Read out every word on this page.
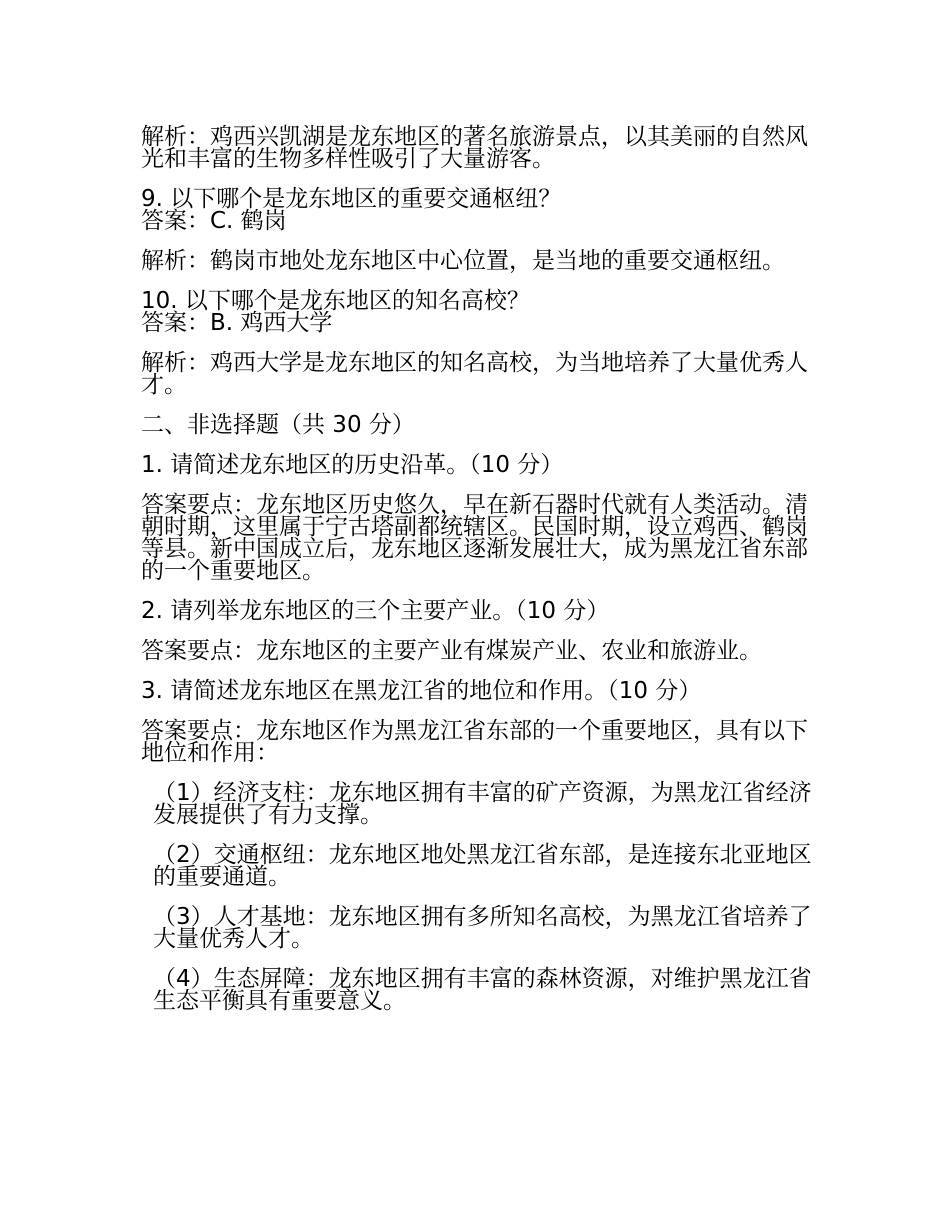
解析：鸡西兴凯湖是龙东地区的著名旅游景点，以其美丽的自然风光和丰富的生物多样性吸引了大量游客。

9. 以下哪个是龙东地区的重要交通枢纽？

答案：C. 鹤岗

解析：鹤岗市地处龙东地区中心位置，是当地的重要交通枢纽。

10. 以下哪个是龙东地区的知名高校？

答案：B. 鸡西大学

解析：鸡西大学是龙东地区的知名高校，为当地培养了大量优秀人才。

二、非选择题（共 30 分）

1. 请简述龙东地区的历史沿革。（10 分）

答案要点：龙东地区历史悠久，早在新石器时代就有人类活动。清朝时期，这里属于宁古塔副都统辖区。民国时期，设立鸡西、鹤岗等县。新中国成立后，龙东地区逐渐发展壮大，成为黑龙江省东部的一个重要地区。

2. 请列举龙东地区的三个主要产业。（10 分）

答案要点：龙东地区的主要产业有煤炭产业、农业和旅游业。

3. 请简述龙东地区在黑龙江省的地位和作用。（10 分）

答案要点：龙东地区作为黑龙江省东部的一个重要地区，具有以下地位和作用：

（1）经济支柱：龙东地区拥有丰富的矿产资源，为黑龙江省经济发展提供了有力支撑。

（2）交通枢纽：龙东地区地处黑龙江省东部，是连接东北亚地区的重要通道。

（3）人才基地：龙东地区拥有多所知名高校，为黑龙江省培养了大量优秀人才。

（4）生态屏障：龙东地区拥有丰富的森林资源，对维护黑龙江省生态平衡具有重要意义。
